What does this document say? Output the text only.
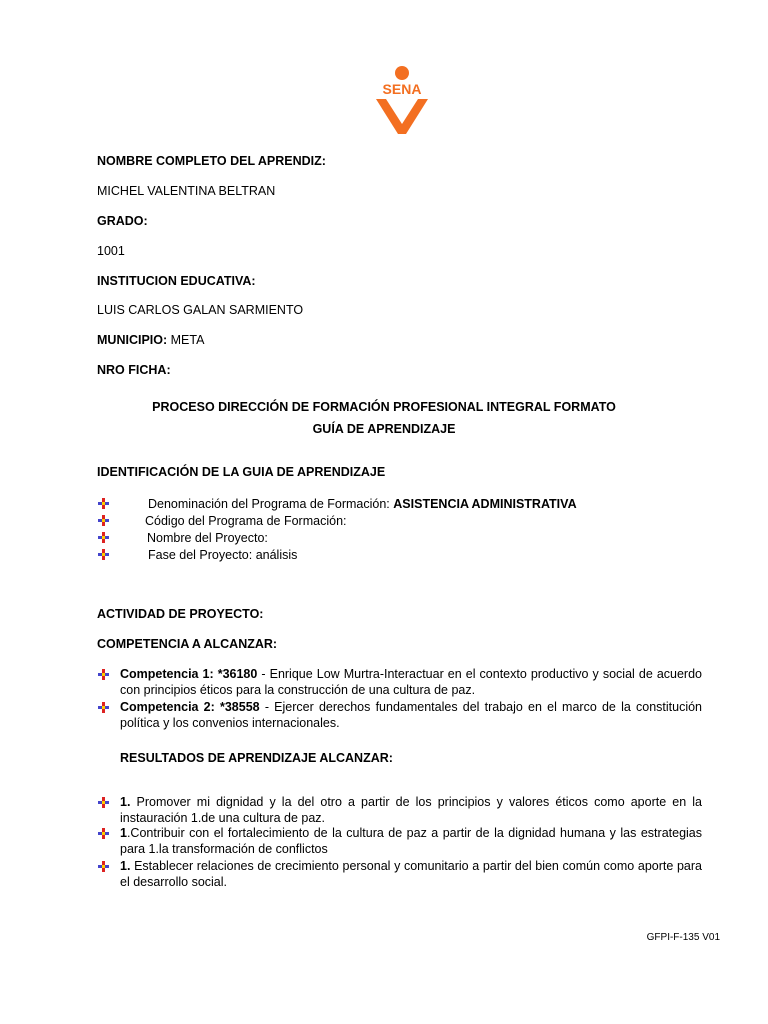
SENA
NOMBRE COMPLETO DEL APRENDIZ:
MICHEL VALENTINA BELTRAN
GRADO:
1001
INSTITUCION EDUCATIVA:
LUIS CARLOS GALAN SARMIENTO
MUNICIPIO: META
NRO FICHA:
PROCESO DIRECCIÓN DE FORMACIÓN PROFESIONAL INTEGRAL FORMATO
GUÍA DE APRENDIZAJE
IDENTIFICACIÓN DE LA GUIA DE APRENDIZAJE
Denominación del Programa de Formación: ASISTENCIA ADMINISTRATIVA
Código del Programa de Formación:
Nombre del Proyecto:
Fase del Proyecto: análisis
ACTIVIDAD DE PROYECTO:
COMPETENCIA A ALCANZAR:
Competencia 1: *36180 - Enrique Low Murtra-Interactuar en el contexto productivo y social de acuerdo con principios éticos para la construcción de una cultura de paz.
Competencia 2: *38558 - Ejercer derechos fundamentales del trabajo en el marco de la constitución política y los convenios internacionales.
RESULTADOS DE APRENDIZAJE ALCANZAR:
1. Promover mi dignidad y la del otro a partir de los principios y valores éticos como aporte en la instauración 1.de una cultura de paz.
1.Contribuir con el fortalecimiento de la cultura de paz a partir de la dignidad humana y las estrategias para 1.la transformación de conflictos
1. Establecer relaciones de crecimiento personal y comunitario a partir del bien común como aporte para el desarrollo social.
GFPI-F-135 V01
